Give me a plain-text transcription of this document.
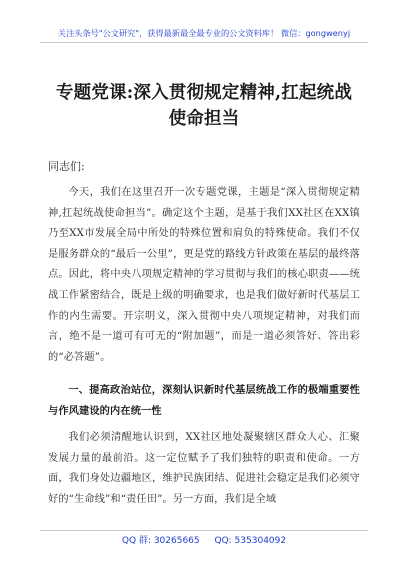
关注头条号"公文研究"，获得最新最全最专业的公文资料库！ 微信：gongwenyj
专题党课:深入贯彻规定精神,扛起统战使命担当
同志们:
今天，我们在这里召开一次专题党课，主题是“深入贯彻规定精神,扛起统战使命担当”。确定这个主题，是基于我们XX社区在XX镇乃至XX市发展全局中所处的特殊位置和肩负的特殊使命。我们不仅是服务群众的“最后一公里”，更是党的路线方针政策在基层的最终落点。因此，将中央八项规定精神的学习贯彻与我们的核心职责——统战工作紧密结合，既是上级的明确要求，也是我们做好新时代基层工作的内生需要。开宗明义，深入贯彻中央八项规定精神，对我们而言，绝不是一道可有可无的“附加题”，而是一道必须答好、答出彩的“必答题”。
一、提高政治站位，深刻认识新时代基层统战工作的极端重要性与作风建设的内在统一性
我们必须清醒地认识到，XX社区地处凝聚辖区群众人心、汇聚发展力量的最前沿。这一定位赋予了我们独特的职责和使命。一方面，我们身处边疆地区，维护民族团结、促进社会稳定是我们必须守好的“生命线”和“责任田”。另一方面，我们是全域
QQ 群: 30265665 QQ: 535304092
